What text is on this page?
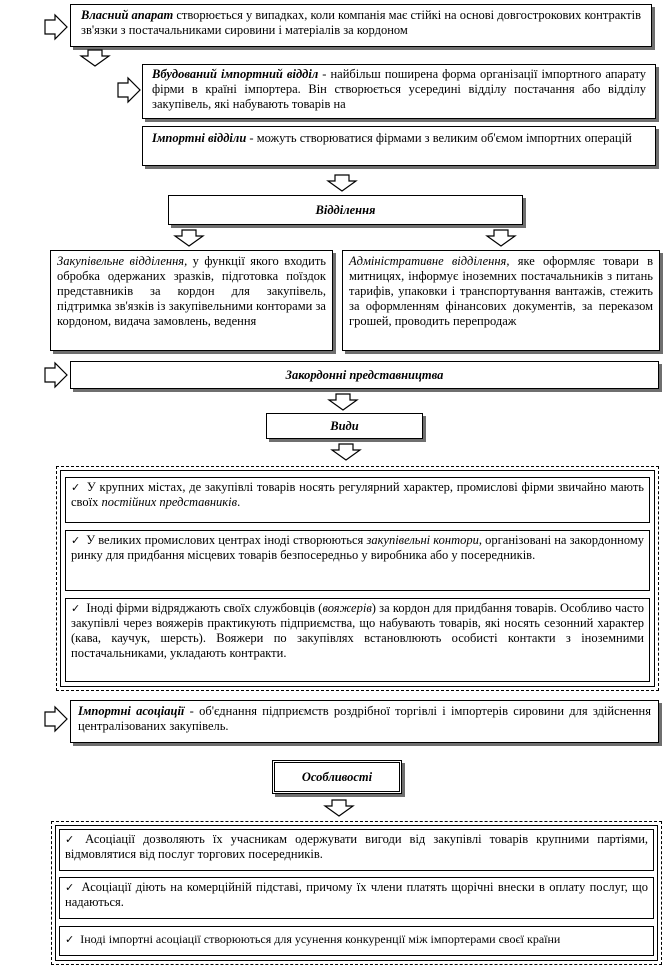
Власний апарат створюється у випадках, коли компанія має стійкі на основі довгострокових контрактів зв'язки з постачальниками сировини і матеріалів за кордоном
Вбудований імпортний відділ - найбільш поширена форма організації імпортного апарату фірми в країні імпортера. Він створюється усередині відділу постачання або відділу закупівель, які набувають товарів на
Імпортні відділи - можуть створюватися фірмами з великим об'ємом імпортних операцій
Відділення
Закупівельне відділення, у функції якого входить обробка одержаних зразків, підготовка поїздок представників за кордон для закупівель, підтримка зв'язків із закупівельними конторами за кордоном, видача замовлень, ведення
Адміністративне відділення, яке оформляє товари в митницях, інформує іноземних постачальників з питань тарифів, упаковки і транспортування вантажів, стежить за оформленням фінансових документів, за переказом грошей, проводить перепродаж
Закордонні представництва
Види
✓ У крупних містах, де закупівлі товарів носять регулярний характер, промислові фірми звичайно мають своїх постійних представників.
✓ У великих промислових центрах іноді створюються закупівельні контори, організовані на закордонному ринку для придбання місцевих товарів безпосередньо у виробника або у посередників.
✓ Іноді фірми відряджають своїх службовців (вояжерів) за кордон для придбання товарів. Особливо часто закупівлі через вояжерів практикують підприємства, що набувають товарів, які носять сезонний характер (кава, каучук, шерсть). Вояжери по закупівлях встановлюють особисті контакти з іноземними постачальниками, укладають контракти.
Імпортні асоціації - об'єднання підприємств роздрібної торгівлі і імпортерів сировини для здійснення централізованих закупівель.
Особливості
✓ Асоціації дозволяють їх учасникам одержувати вигоди від закупівлі товарів крупними партіями, відмовлятися від послуг торгових посередників.
✓ Асоціації діють на комерційній підставі, причому їх члени платять щорічні внески в оплату послуг, що надаються.
✓ Іноді імпортні асоціації створюються для усунення конкуренції між імпортерами своєї країни
